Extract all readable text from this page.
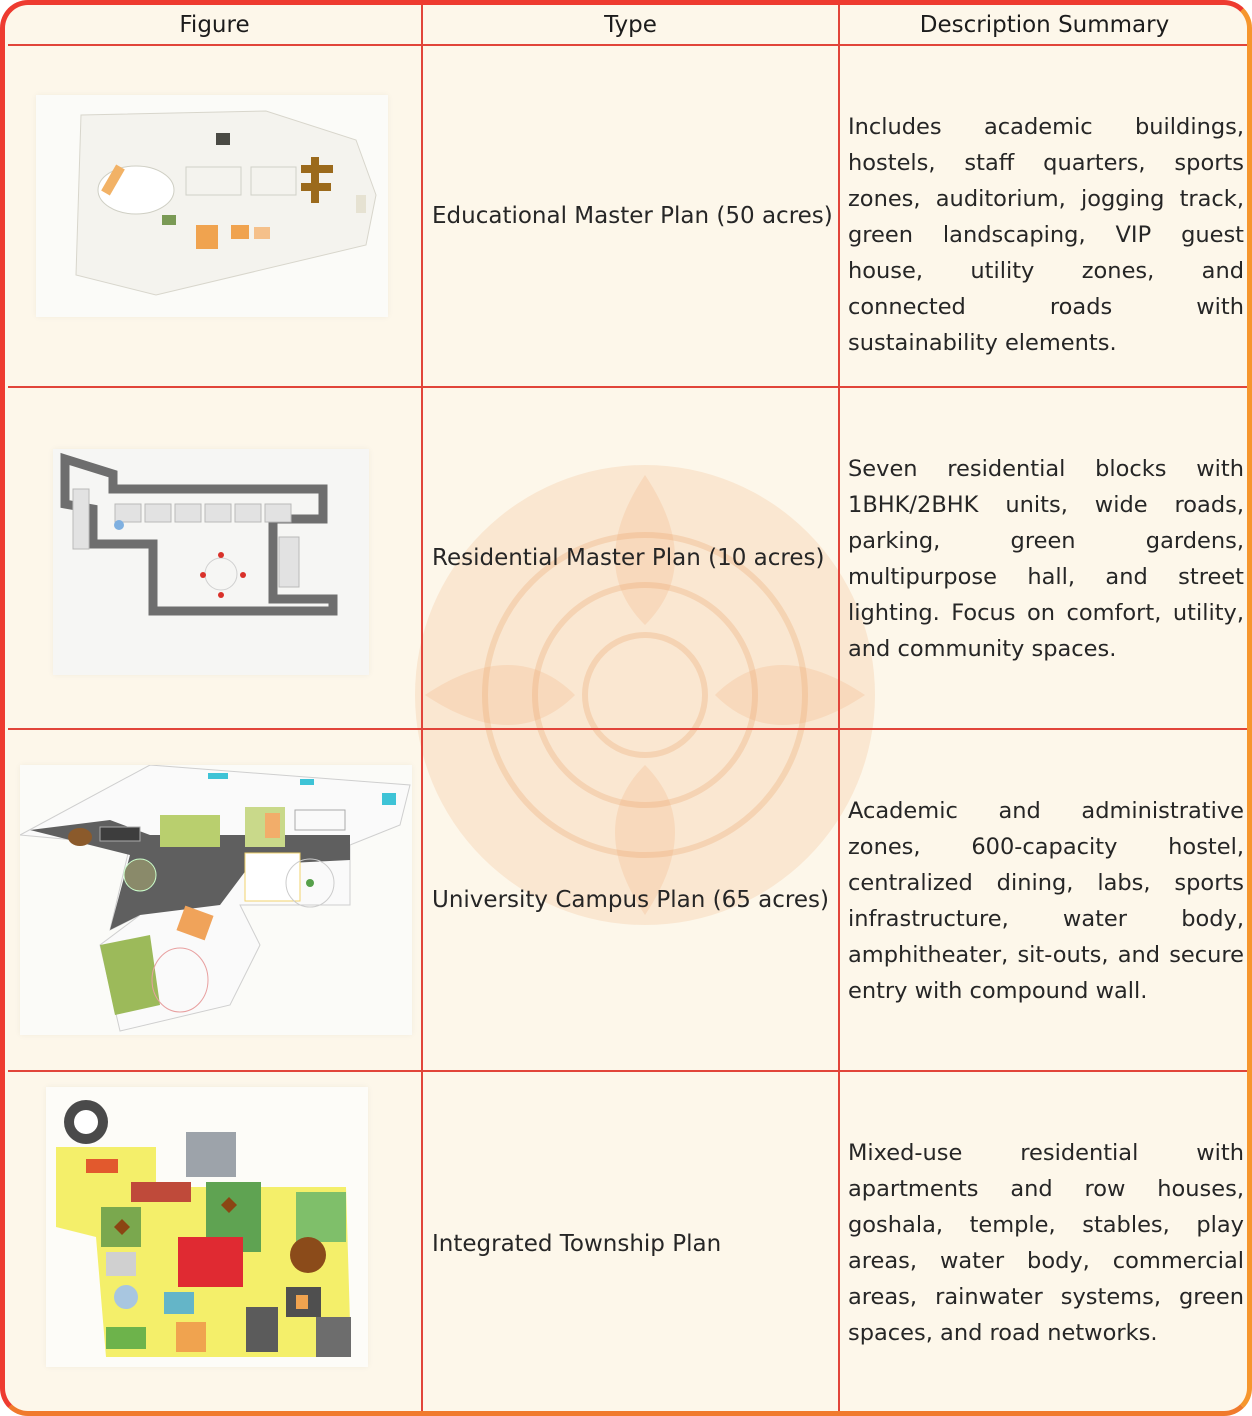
Figure	Type	Description Summary
Educational Master Plan (50 acres)
Includes academic buildings, hostels, staff quarters, sports zones, auditorium, jogging track, green landscaping, VIP guest house, utility zones, and connected roads with sustainability elements.
Residential Master Plan (10 acres)
Seven residential blocks with 1BHK/2BHK units, wide roads, parking, green gardens, multipurpose hall, and street lighting. Focus on comfort, utility, and community spaces.
University Campus Plan (65 acres)
Academic and administrative zones, 600-capacity hostel, centralized dining, labs, sports infrastructure, water body, amphitheater, sit-outs, and secure entry with compound wall.
Integrated Township Plan
Mixed-use residential with apartments and row houses, goshala, temple, stables, play areas, water body, commercial areas, rainwater systems, green spaces, and road networks.
